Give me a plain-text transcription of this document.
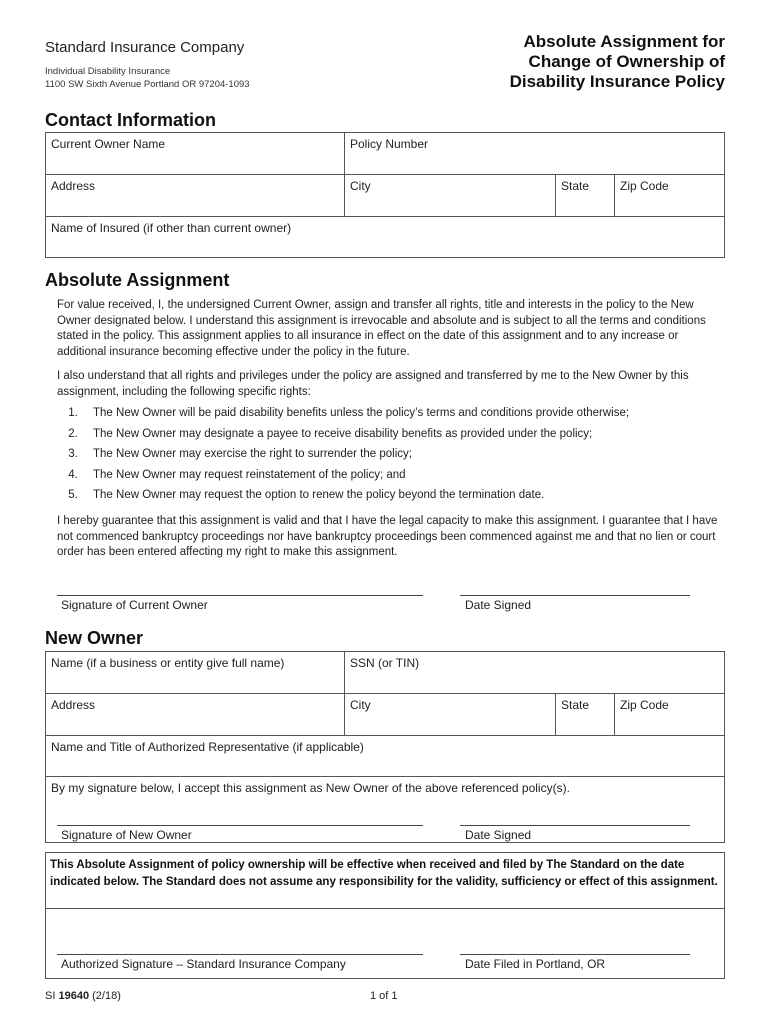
Standard Insurance Company
Individual Disability Insurance
1100 SW Sixth Avenue Portland OR 97204-1093
Absolute Assignment for
Change of Ownership of
Disability Insurance Policy
Contact Information
Current Owner Name	Policy Number
Address	City	State	Zip Code
Name of Insured (if other than current owner)
Absolute Assignment

For value received, I, the undersigned Current Owner, assign and transfer all rights, title and interests in the policy to the New Owner designated below. I understand this assignment is irrevocable and absolute and is subject to all the terms and conditions stated in the policy. This assignment applies to all insurance in effect on the date of this assignment and to any increase or additional insurance becoming effective under the policy in the future.

I also understand that all rights and privileges under the policy are assigned and transferred by me to the New Owner by this assignment, including the following specific rights:

1.	The New Owner will be paid disability benefits unless the policy’s terms and conditions provide otherwise;
2.	The New Owner may designate a payee to receive disability benefits as provided under the policy;
3.	The New Owner may exercise the right to surrender the policy;
4.	The New Owner may request reinstatement of the policy; and
5.	The New Owner may request the option to renew the policy beyond the termination date.

I hereby guarantee that this assignment is valid and that I have the legal capacity to make this assignment. I guarantee that I have not commenced bankruptcy proceedings nor have bankruptcy proceedings been commenced against me and that no lien or court order has been entered affecting my right to make this assignment.

Signature of Current Owner	Date Signed
New Owner
Name (if a business or entity give full name)	SSN (or TIN)
Address	City	State	Zip Code
Name and Title of Authorized Representative (if applicable)
By my signature below, I accept this assignment as New Owner of the above referenced policy(s).
Signature of New Owner	Date Signed

This Absolute Assignment of policy ownership will be effective when received and filed by The Standard on the date indicated below. The Standard does not assume any responsibility for the validity, sufficiency or effect of this assignment.

Authorized Signature – Standard Insurance Company	Date Filed in Portland, OR
SI 19640 (2/18)	1 of 1
